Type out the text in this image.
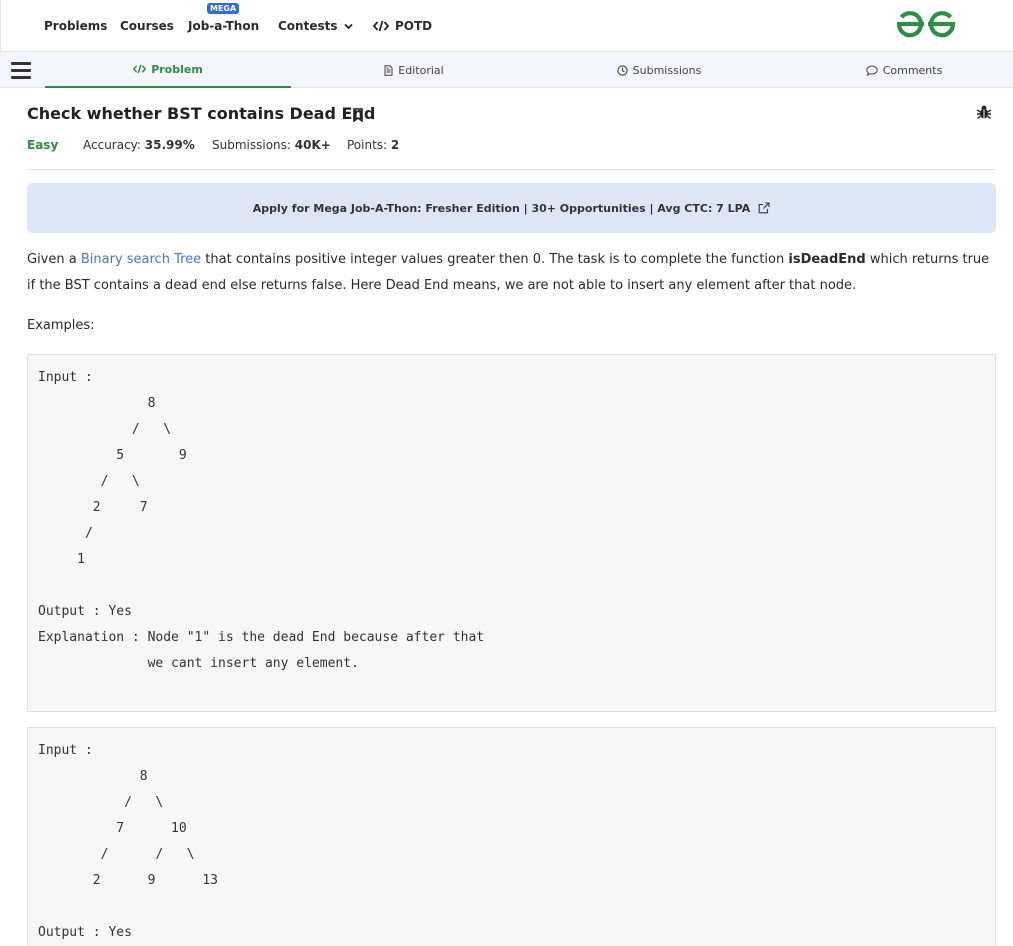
Problems Courses
MEGA
Job-a-Thon Contests	POTD
Problem	Editorial	Submissions	Comments
Check whether BST contains Dead End
Easy Accuracy: 35.99% Submissions: 40K+ Points: 2
Apply for Mega Job-A-Thon: Fresher Edition | 30+ Opportunities | Avg CTC: 7 LPA

Given a Binary search Tree that contains positive integer values greater then 0. The task is to complete the function isDeadEnd which returns true if the BST contains a dead end else returns false. Here Dead End means, we are not able to insert any element after that node.

Examples:

Input :
8
/   \
5       9
/   \
2     7
/
1

Output : Yes
Explanation : Node "1" is the dead End because after that
we cant insert any element.
Input :
8
/   \
7      10
/      /   \
2      9      13

Output : Yes
